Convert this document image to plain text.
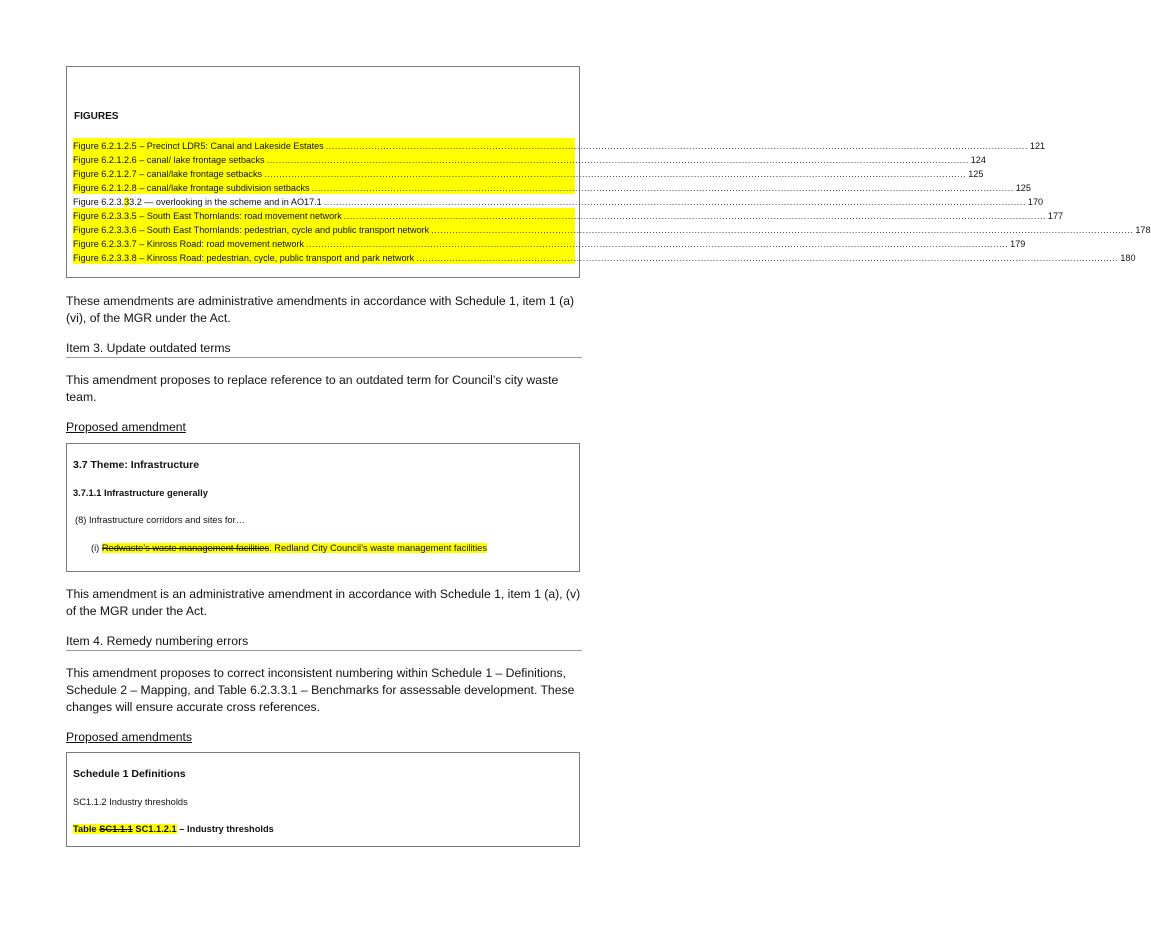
FIGURES
Figure 6.2.1.2.5 – Precinct LDR5: Canal and Lakeside Estates ........................................................................................................................................................................................................................................ 121
Figure 6.2.1.2.6 – canal/ lake frontage setbacks ........................................................................................................................................................................................................................................ 124
Figure 6.2.1.2.7 – canal/lake frontage setbacks ........................................................................................................................................................................................................................................ 125
Figure 6.2.1.2.8 – canal/lake frontage subdivision setbacks ........................................................................................................................................................................................................................................ 125
Figure 6.2.3.33.2 — overlooking in the scheme and in AO17.1 ........................................................................................................................................................................................................................................ 170
Figure 6.2.3.3.5 – South East Thornlands: road movement network ........................................................................................................................................................................................................................................ 177
Figure 6.2.3.3.6 – South East Thornlands: pedestrian, cycle and public transport network ........................................................................................................................................................................................................................................ 178
Figure 6.2.3.3.7 – Kinross Road: road movement network ........................................................................................................................................................................................................................................ 179
Figure 6.2.3.3.8 – Kinross Road: pedestrian, cycle, public transport and park network ........................................................................................................................................................................................................................................ 180
These amendments are administrative amendments in accordance with Schedule 1, item 1 (a) (vi), of the MGR under the Act.
Item 3. Update outdated terms
This amendment proposes to replace reference to an outdated term for Council’s city waste team.
Proposed amendment
3.7 Theme: Infrastructure
3.7.1.1 Infrastructure generally
(8) Infrastructure corridors and sites for…
(i) Redwaste’s waste management facilities. Redland City Council’s waste management facilities
This amendment is an administrative amendment in accordance with Schedule 1, item 1 (a), (v) of the MGR under the Act.
Item 4. Remedy numbering errors
This amendment proposes to correct inconsistent numbering within Schedule 1 – Definitions, Schedule 2 – Mapping, and Table 6.2.3.3.1 – Benchmarks for assessable development. These changes will ensure accurate cross references.
Proposed amendments
Schedule 1 Definitions
SC1.1.2 Industry thresholds
Table SC1.1.1 SC1.1.2.1 – Industry thresholds
